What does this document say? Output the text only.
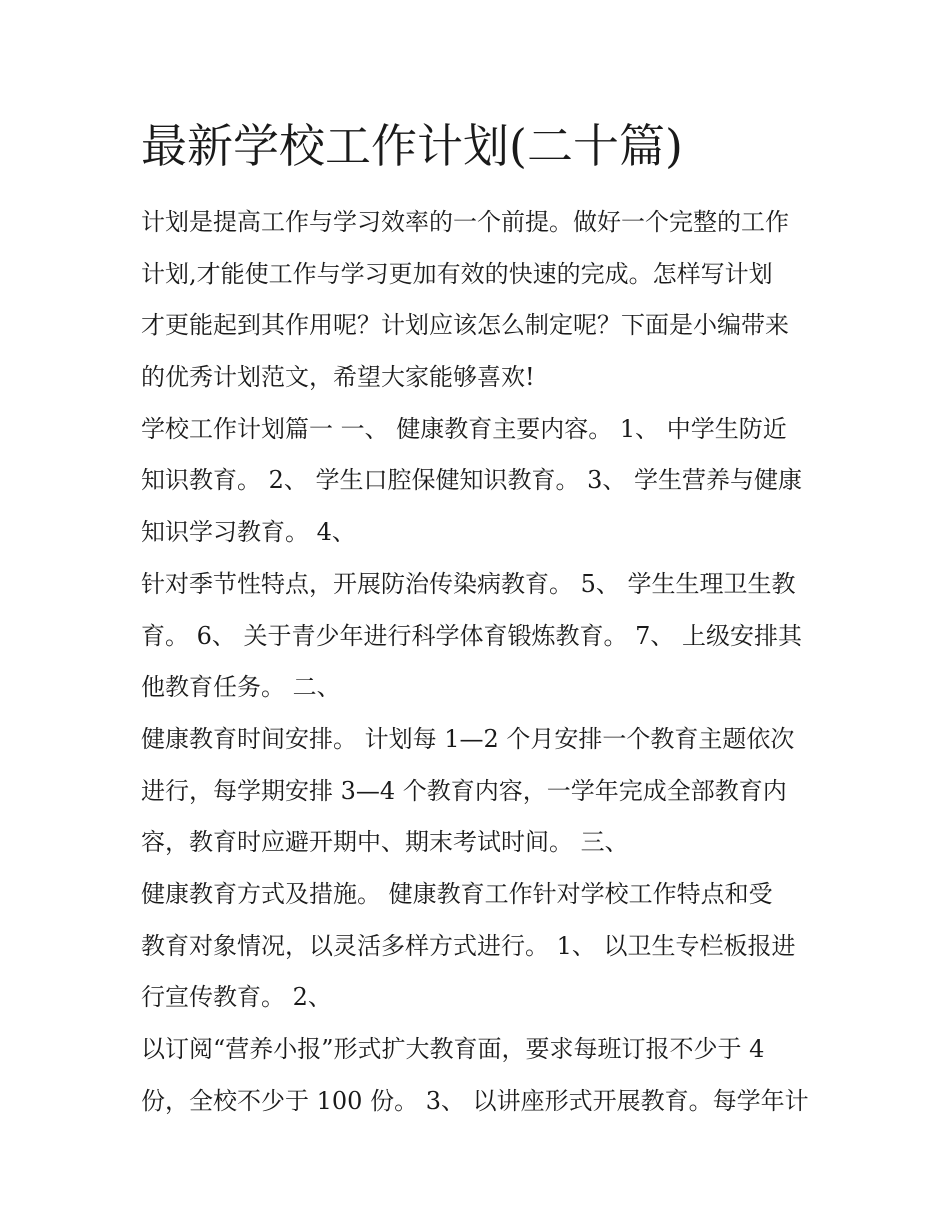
最新学校工作计划(二十篇)

计划是提高工作与学习效率的一个前提。做好一个完整的工作

计划,才能使工作与学习更加有效的快速的完成。怎样写计划

才更能起到其作用呢？计划应该怎么制定呢？下面是小编带来

的优秀计划范文，希望大家能够喜欢!

学校工作计划篇一 一、 健康教育主要内容。 1、 中学生防近

知识教育。 2、 学生口腔保健知识教育。 3、 学生营养与健康

知识学习教育。 4、

针对季节性特点，开展防治传染病教育。 5、 学生生理卫生教

育。 6、 关于青少年进行科学体育锻炼教育。 7、 上级安排其

他教育任务。 二、

健康教育时间安排。 计划每 1—2 个月安排一个教育主题依次

进行，每学期安排 3—4 个教育内容，一学年完成全部教育内

容，教育时应避开期中、期末考试时间。 三、

健康教育方式及措施。 健康教育工作针对学校工作特点和受

教育对象情况，以灵活多样方式进行。 1、 以卫生专栏板报进

行宣传教育。 2、

以订阅“营养小报”形式扩大教育面，要求每班订报不少于 4

份，全校不少于 100 份。 3、 以讲座形式开展教育。每学年计
